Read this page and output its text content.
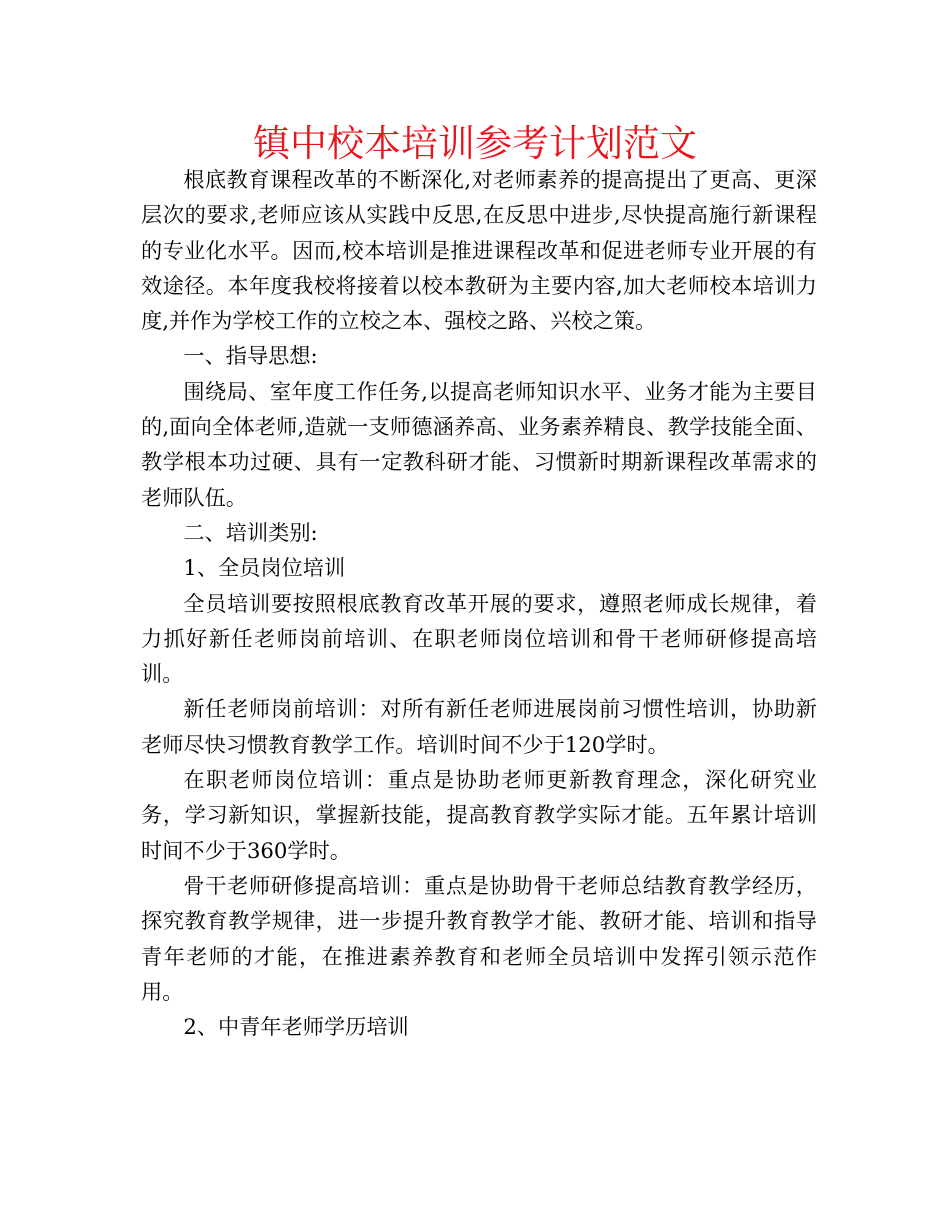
镇中校本培训参考计划范文

根底教育课程改革的不断深化,对老师素养的提高提出了更高、更深层次的要求,老师应该从实践中反思,在反思中进步,尽快提高施行新课程的专业化水平。因而,校本培训是推进课程改革和促进老师专业开展的有效途径。本年度我校将接着以校本教研为主要内容,加大老师校本培训力度,并作为学校工作的立校之本、强校之路、兴校之策。

一、指导思想:

围绕局、室年度工作任务,以提高老师知识水平、业务才能为主要目的,面向全体老师,造就一支师德涵养高、业务素养精良、教学技能全面、教学根本功过硬、具有一定教科研才能、习惯新时期新课程改革需求的老师队伍。

二、培训类别:

1、全员岗位培训

全员培训要按照根底教育改革开展的要求，遵照老师成长规律，着力抓好新任老师岗前培训、在职老师岗位培训和骨干老师研修提高培训。

新任老师岗前培训：对所有新任老师进展岗前习惯性培训，协助新老师尽快习惯教育教学工作。培训时间不少于120学时。

在职老师岗位培训：重点是协助老师更新教育理念，深化研究业务，学习新知识，掌握新技能，提高教育教学实际才能。五年累计培训时间不少于360学时。

骨干老师研修提高培训：重点是协助骨干老师总结教育教学经历，探究教育教学规律，进一步提升教育教学才能、教研才能、培训和指导青年老师的才能，在推进素养教育和老师全员培训中发挥引领示范作用。

2、中青年老师学历培训
